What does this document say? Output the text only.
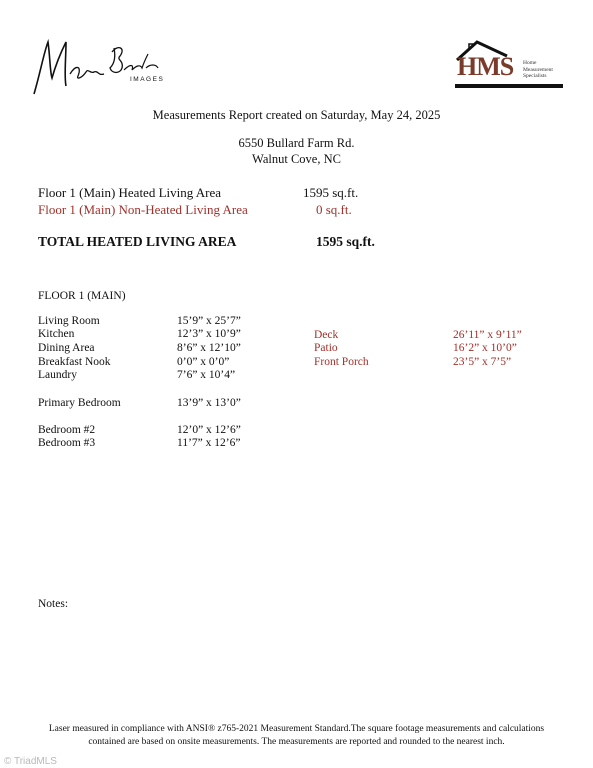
IMAGES	HMS Home Measurement Specialists
Measurements Report created on Saturday, May 24, 2025
6550 Bullard Farm Rd.
Walnut Cove, NC
Floor 1 (Main) Heated Living Area	1595 sq.ft.
Floor 1 (Main) Non-Heated Living Area	0 sq.ft.
TOTAL HEATED LIVING AREA	1595 sq.ft.
FLOOR 1 (MAIN)
Living Room	15’9” x 25’7”
Kitchen	12’3” x 10’9”
Dining Area	8’6” x 12’10”
Breakfast Nook	0’0” x 0’0”
Laundry	7’6” x 10’4”
Primary Bedroom	13’9” x 13’0”
Bedroom #2	12’0” x 12’6”
Bedroom #3	11’7” x 12’6”
Deck	26’11” x 9’11”
Patio	16’2” x 10’0”
Front Porch	23’5” x 7’5”
Notes:
Laser measured in compliance with ANSI® z765-2021 Measurement Standard.The square footage measurements and calculations
contained are based on onsite measurements. The measurements are reported and rounded to the nearest inch.
© TriadMLS
